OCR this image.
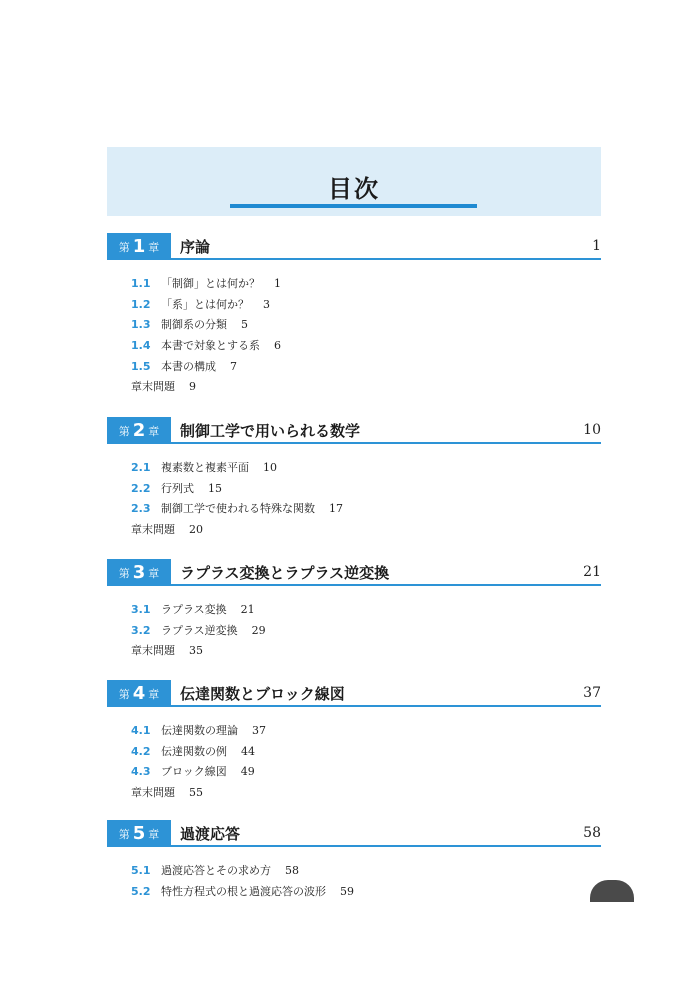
目次
第 1 章 序論	1
1.1 「制御」とは何か？ 1
1.2 「系」とは何か？ 3
1.3 制御系の分類 5
1.4 本書で対象とする系 6
1.5 本書の構成 7
章末問題 9
第 2 章 制御工学で用いられる数学	10
2.1 複素数と複素平面 10
2.2 行列式 15
2.3 制御工学で使われる特殊な関数 17
章末問題 20
第 3 章 ラプラス変換とラプラス逆変換	21
3.1 ラプラス変換 21
3.2 ラプラス逆変換 29
章末問題 35
第 4 章 伝達関数とブロック線図	37
4.1 伝達関数の理論 37
4.2 伝達関数の例 44
4.3 ブロック線図 49
章末問題 55
第 5 章 過渡応答	58
5.1 過渡応答とその求め方 58
5.2 特性方程式の根と過渡応答の波形 59
